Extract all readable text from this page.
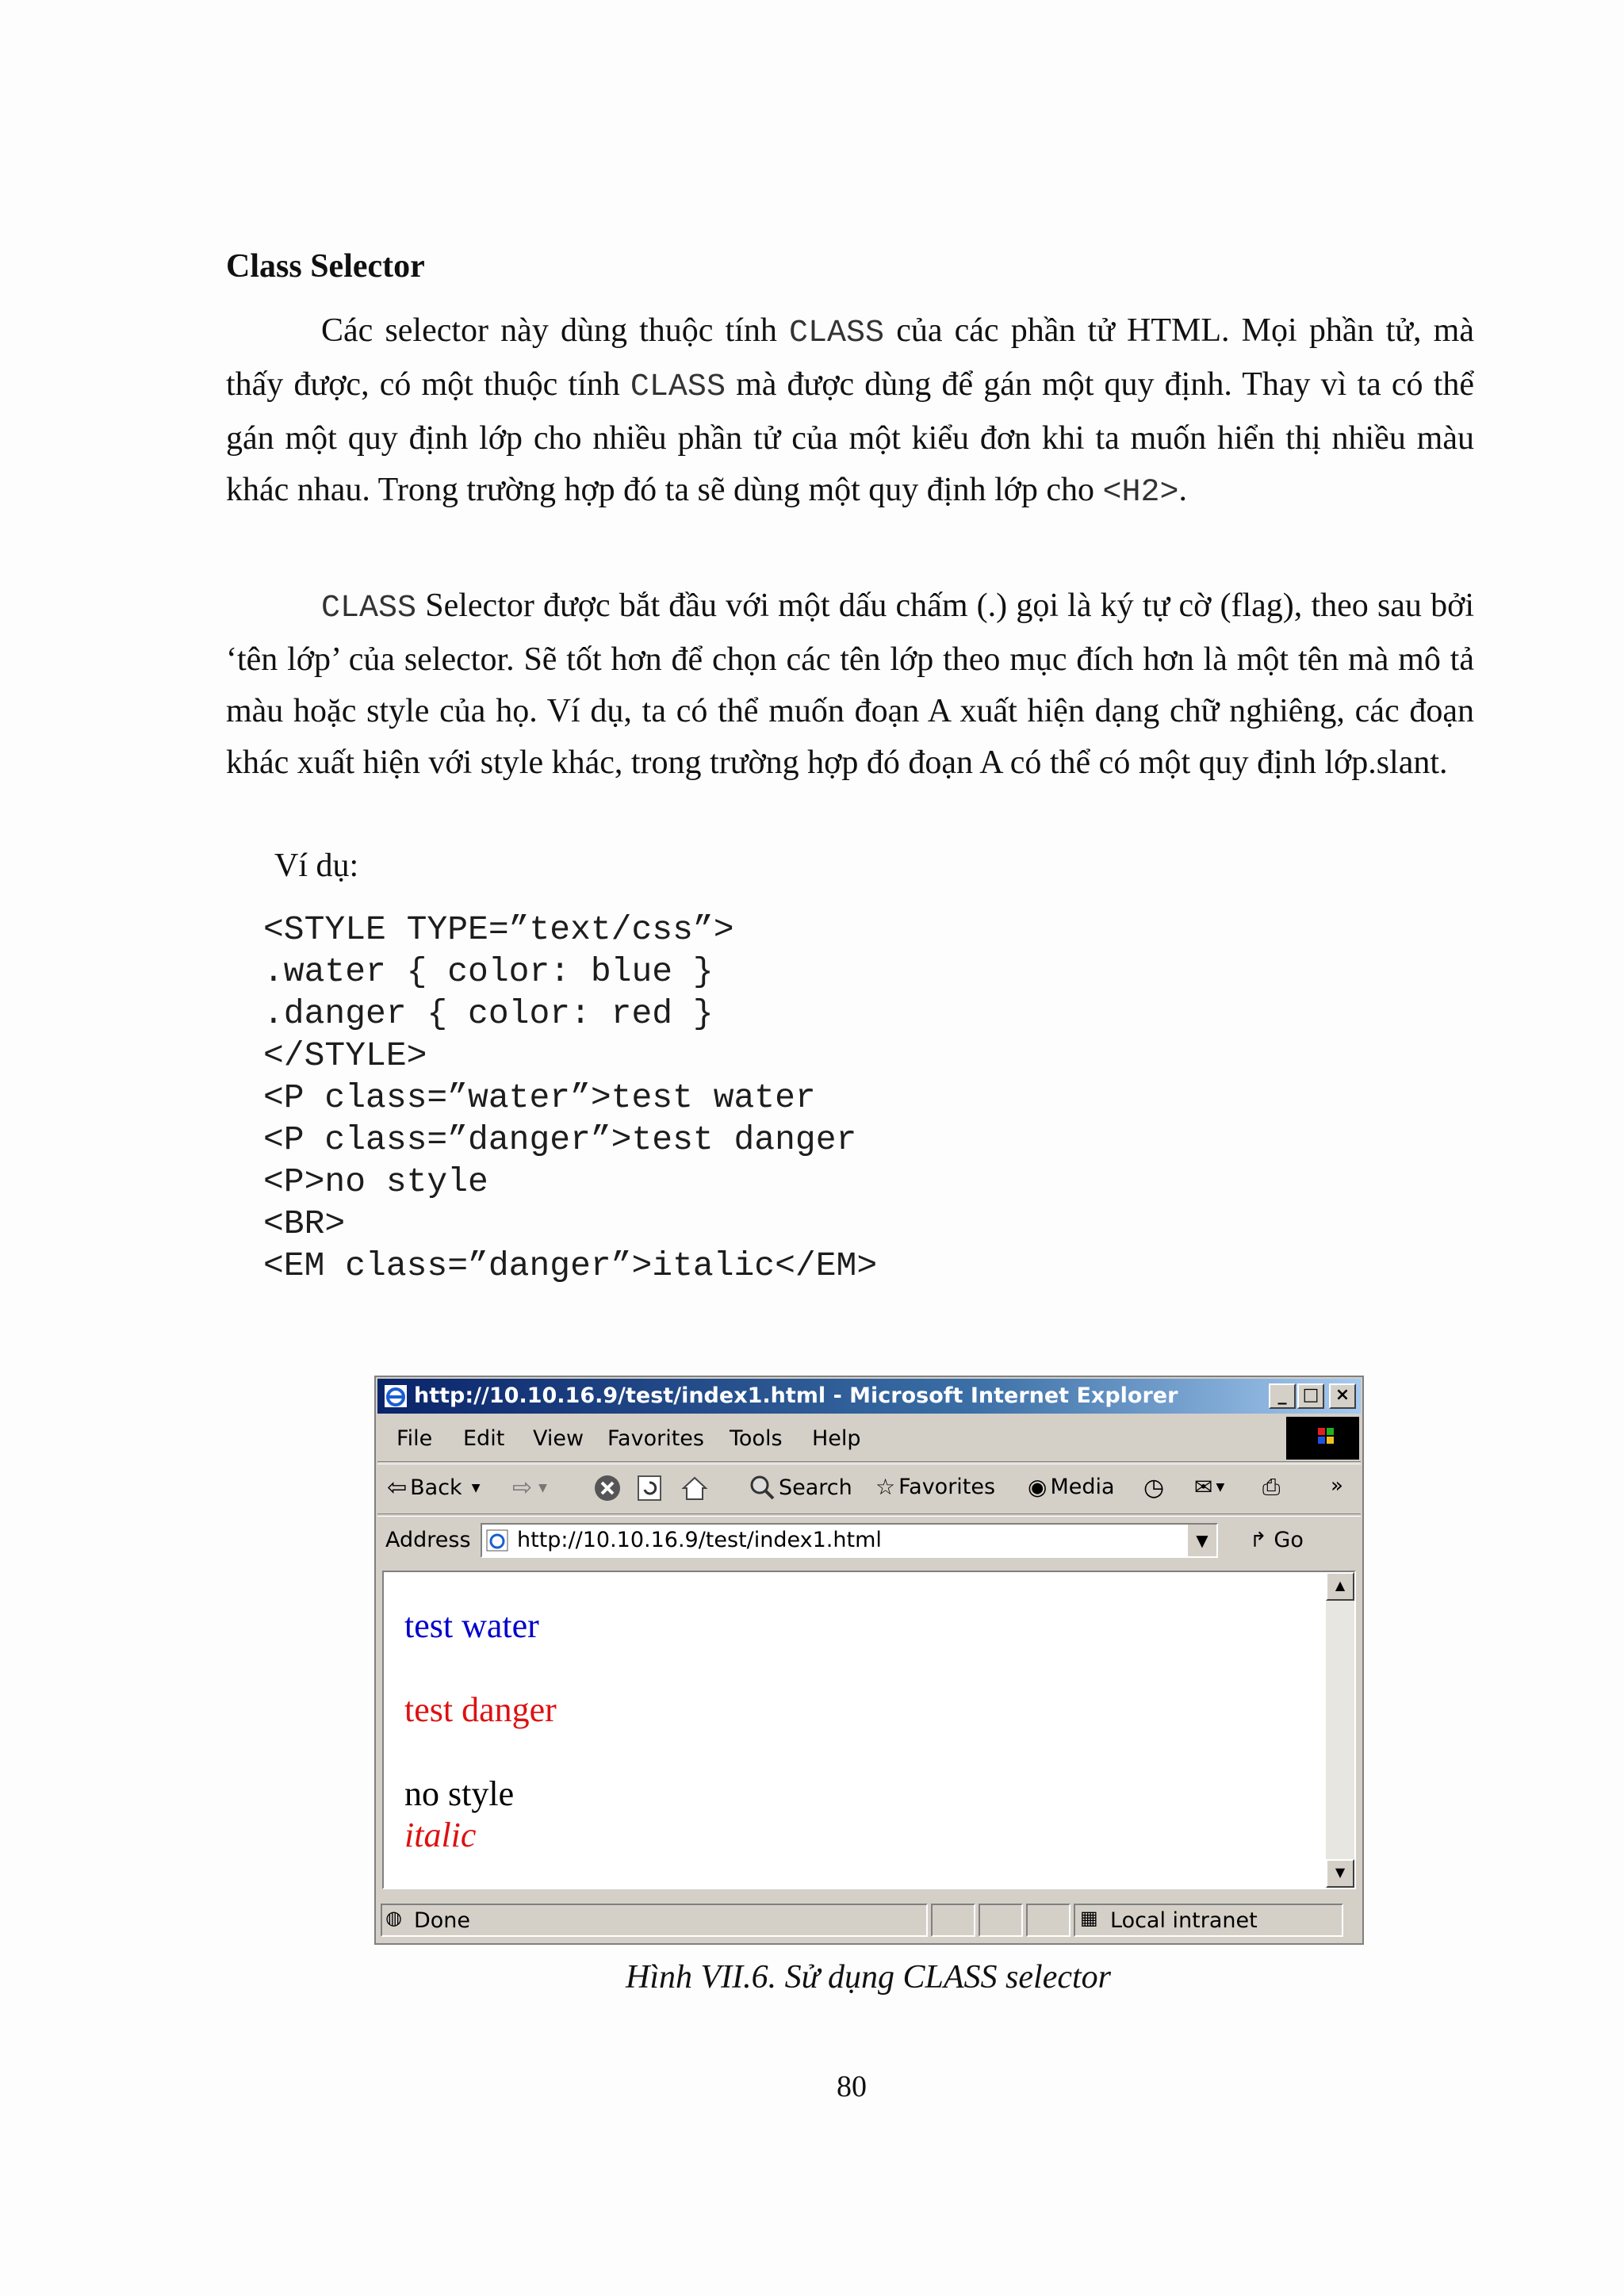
Class Selector
Các selector này dùng thuộc tính CLASS của các phần tử HTML. Mọi phần tử, mà thấy được, có một thuộc tính CLASS mà được dùng để gán một quy định. Thay vì ta có thể gán một quy định lớp cho nhiều phần tử của một kiểu đơn khi ta muốn hiển thị nhiều màu khác nhau. Trong trường hợp đó ta sẽ dùng một quy định lớp cho <H2>.
CLASS Selector được bắt đầu với một dấu chấm (.) gọi là ký tự cờ (flag), theo sau bởi ‘tên lớp’ của selector. Sẽ tốt hơn để chọn các tên lớp theo mục đích hơn là một tên mà mô tả màu hoặc style của họ. Ví dụ, ta có thể muốn đoạn A xuất hiện dạng chữ nghiêng, các đoạn khác xuất hiện với style khác, trong trường hợp đó đoạn A có thể có một quy định lớp.slant.
Ví dụ:
<STYLE TYPE=”text/css”>
.water { color: blue }
.danger { color: red }
</STYLE>
<P class=”water”>test water
<P class=”danger”>test danger
<P>no style
<BR>
<EM class=”danger”>italic</EM>
http://10.10.16.9/test/index1.html - Microsoft Internet Explorer	_ □ ×
File Edit View Favorites Tools Help
⇦ Back ▼ ⇨ ▼	Search ☆ Favorites ◉ Media ◷ ✉ ▼ ⎙ »
Address http://10.10.16.9/test/index1.html	▼	↱ Go
test water
test danger
no style
italic
▲
▼
◍ Done	▦ Local intranet
Hình VII.6. Sử dụng CLASS selector
80
